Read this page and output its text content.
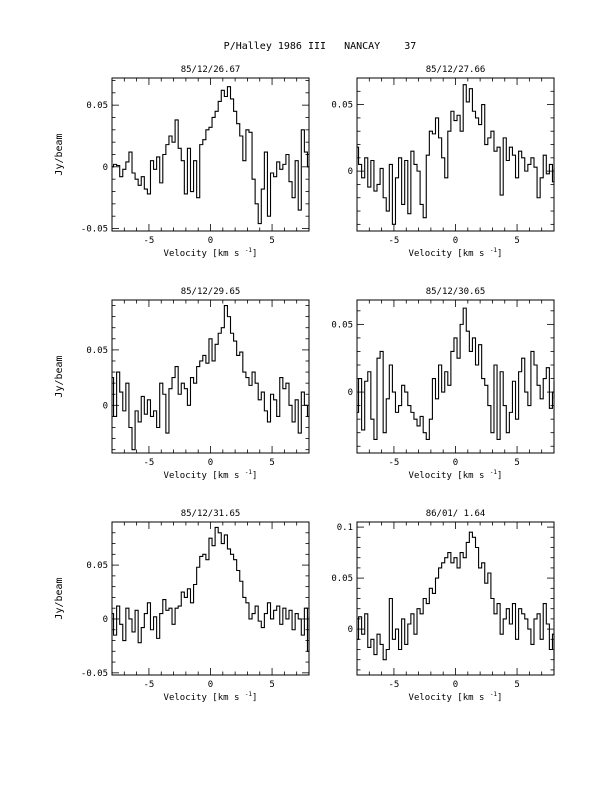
P/Halley 1986 III   NANCAY    37
85/12/26.67
-5	0	5
-0.05
0
0.05
Velocity [km s $^{-1}$]
Jy/beam
85/12/27.66
-5	0	5
0
0.05
Velocity [km s $^{-1}$]
85/12/29.65
-5	0	5
0
0.05
Velocity [km s $^{-1}$]
Jy/beam
85/12/30.65
-5	0	5
0
0.05
Velocity [km s $^{-1}$]
85/12/31.65
-5	0	5
-0.05
0
0.05
Velocity [km s $^{-1}$]
Jy/beam
86/01/ 1.64
-5	0	5
0
0.05
0.1
Velocity [km s $^{-1}$]
